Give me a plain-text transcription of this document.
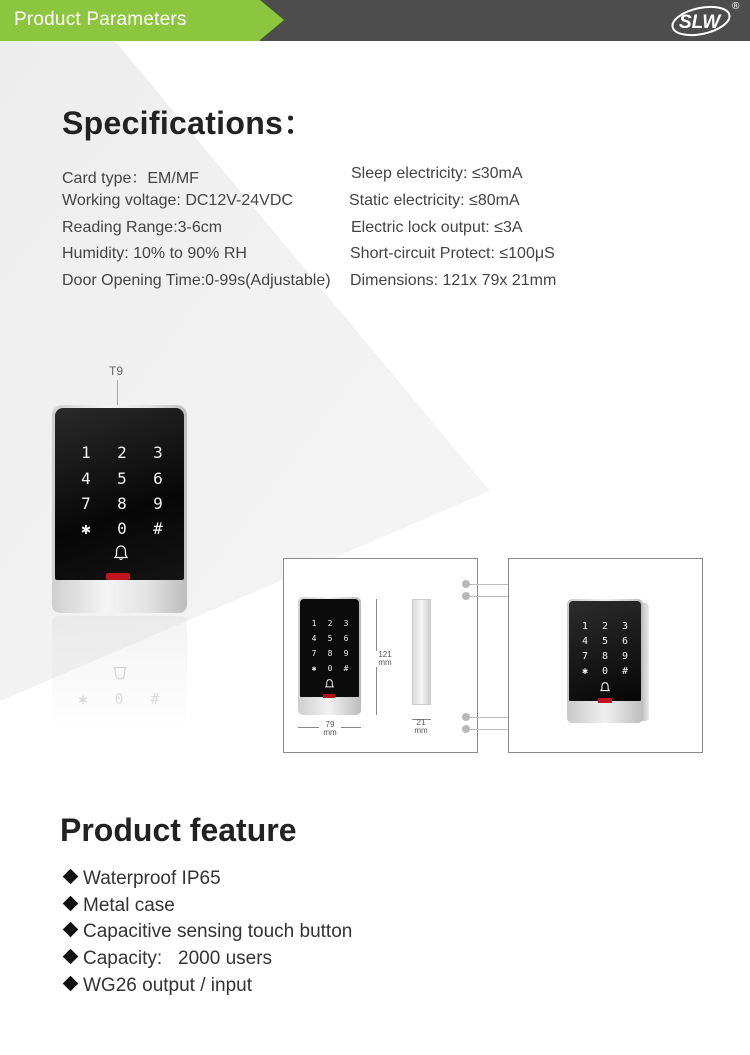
Product Parameters	SLW
®
Specifications：
Card type：EM/MF
Working voltage: DC12V-24VDC
Reading Range:3-6cm
Humidity: 10% to 90% RH
Door Opening Time:0-99s(Adjustable)
Sleep electricity: ≤30mA
Static electricity: ≤80mA
Electric lock output: ≤3A
Short-circuit Protect: ≤100μS
Dimensions: 121x 79x 21mm
T9
1	2	3
4	5	6
7	8	9
✱	0	#
✱	0	#
1	2	3
4	5	6
7	8	9
✱	0	#
121
mm
79
mm
21
mm
1	2	3
4	5	6
7	8	9
✱	0	#
Product feature
Waterproof IP65
Metal case
Capacitive sensing touch button
Capacity:   2000 users
WG26 output / input
